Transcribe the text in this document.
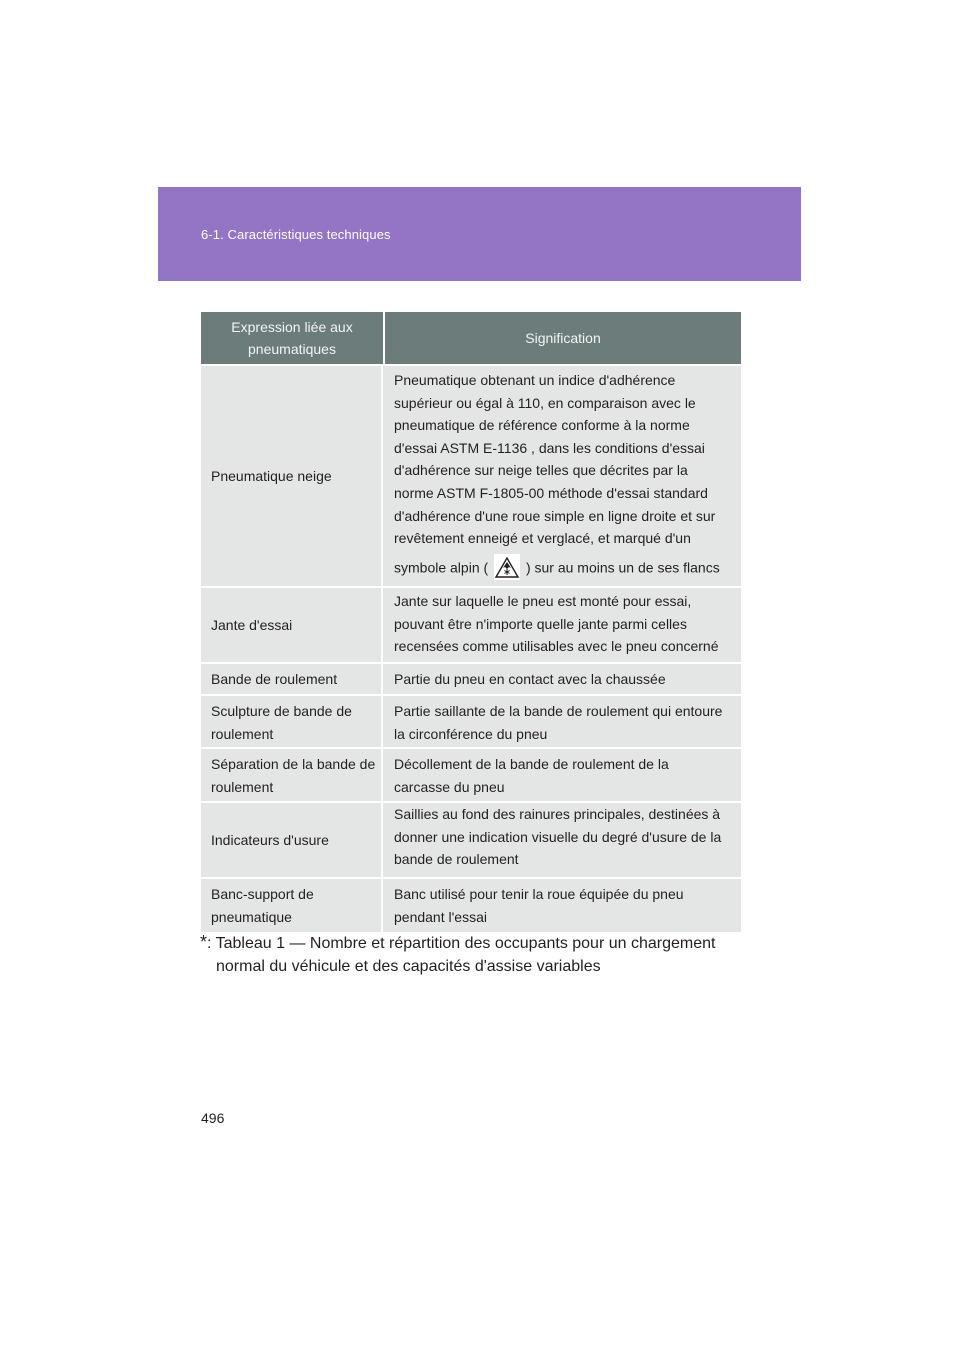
6-1. Caractéristiques techniques
Expression liée aux pneumatiques
Signification
Pneumatique neige
Pneumatique obtenant un indice d'adhérence
supérieur ou égal à 110, en comparaison avec le
pneumatique de référence conforme à la norme
d'essai ASTM E-1136 , dans les conditions d'essai
d'adhérence sur neige telles que décrites par la
norme ASTM F-1805-00 méthode d'essai standard
d'adhérence d'une roue simple en ligne droite et sur
revêtement enneigé et verglacé, et marqué d'un
symbole alpin (	) sur au moins un de ses flancs
Jante d'essai
Jante sur laquelle le pneu est monté pour essai,
pouvant être n'importe quelle jante parmi celles
recensées comme utilisables avec le pneu concerné
Bande de roulement	Partie du pneu en contact avec la chaussée
Sculpture de bande de
roulement
Partie saillante de la bande de roulement qui entoure
la circonférence du pneu
Séparation de la bande de
roulement
Décollement de la bande de roulement de la
carcasse du pneu
Indicateurs d'usure
Saillies au fond des rainures principales, destinées à
donner une indication visuelle du degré d'usure de la
bande de roulement
Banc-support de
pneumatique
Banc utilisé pour tenir la roue équipée du pneu
pendant l'essai
*: Tableau 1 — Nombre et répartition des occupants pour un chargement
normal du véhicule et des capacités d'assise variables
496
